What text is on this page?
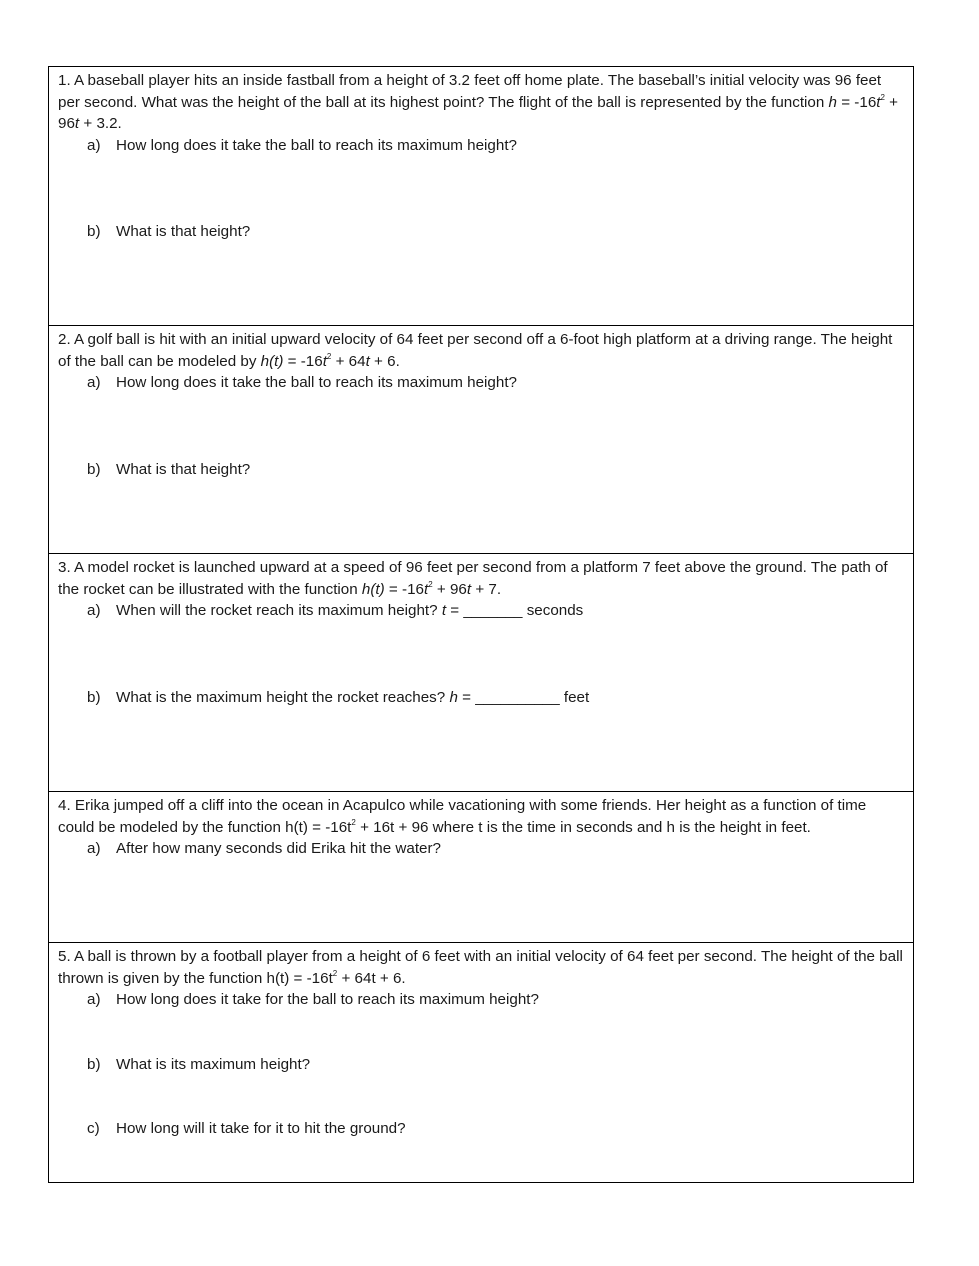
1. A baseball player hits an inside fastball from a height of 3.2 feet off home plate. The baseball’s initial velocity was 96 feet per second. What was the height of the ball at its highest point? The flight of the ball is represented by the function $h = -16t^2 + 96t + 3.2$.

a) How long does it take the ball to reach its maximum height?

b) What is that height?

2. A golf ball is hit with an initial upward velocity of 64 feet per second off a 6-foot high platform at a driving range. The height of the ball can be modeled by $h(t) = -16t^2 + 64t + 6$.

a) How long does it take the ball to reach its maximum height?

b) What is that height?

3. A model rocket is launched upward at a speed of 96 feet per second from a platform 7 feet above the ground. The path of the rocket can be illustrated with the function $h(t) = -16t^2 + 96t + 7$.

a) When will the rocket reach its maximum height? t = _______ seconds

b) What is the maximum height the rocket reaches? h = __________ feet

4. Erika jumped off a cliff into the ocean in Acapulco while vacationing with some friends. Her height as a function of time could be modeled by the function $h(t) = -16t^2 + 16t + 96$ where t is the time in seconds and h is the height in feet.

a) After how many seconds did Erika hit the water?

5. A ball is thrown by a football player from a height of 6 feet with an initial velocity of 64 feet per second. The height of the ball thrown is given by the function $h(t) = -16t^2 + 64t + 6$.

a) How long does it take for the ball to reach its maximum height?

b) What is its maximum height?

c) How long will it take for it to hit the ground?
